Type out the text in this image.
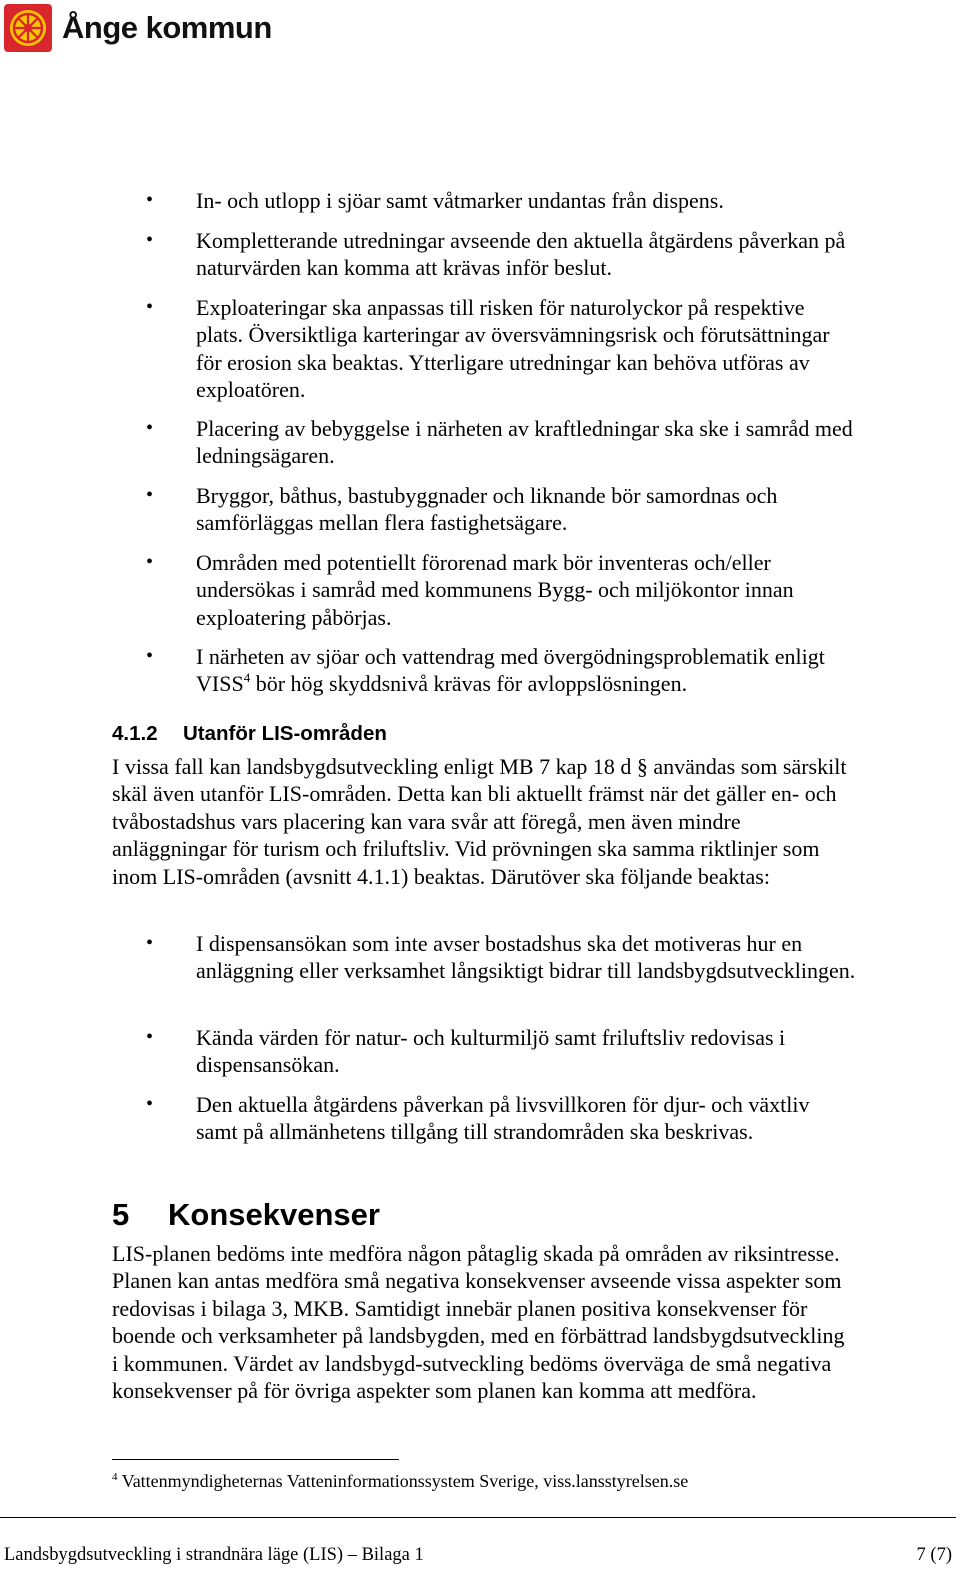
Ånge kommun
• In- och utlopp i sjöar samt våtmarker undantas från dispens.
• Kompletterande utredningar avseende den aktuella åtgärdens påverkan på naturvärden kan komma att krävas inför beslut.
• Exploateringar ska anpassas till risken för naturolyckor på respektive plats. Översiktliga karteringar av översvämningsrisk och förutsättningar för erosion ska beaktas. Ytterligare utredningar kan behöva utföras av exploatören.
• Placering av bebyggelse i närheten av kraftledningar ska ske i samråd med ledningsägaren.
• Bryggor, båthus, bastubyggnader och liknande bör samordnas och samförläggas mellan flera fastighetsägare.
• Områden med potentiellt förorenad mark bör inventeras och/eller undersökas i samråd med kommunens Bygg- och miljökontor innan exploatering påbörjas.
• I närheten av sjöar och vattendrag med övergödningsproblematik enligt VISS$^4$ bör hög skyddsnivå krävas för avloppslösningen.
4.1.2 Utanför LIS-områden
I vissa fall kan landsbygdsutveckling enligt MB 7 kap 18 d § användas som särskilt skäl även utanför LIS-områden. Detta kan bli aktuellt främst när det gäller en- och tvåbostadshus vars placering kan vara svår att föregå, men även mindre anläggningar för turism och friluftsliv. Vid prövningen ska samma riktlinjer som inom LIS-områden (avsnitt 4.1.1) beaktas. Därutöver ska följande beaktas:
• I dispensansökan som inte avser bostadshus ska det motiveras hur en anläggning eller verksamhet långsiktigt bidrar till landsbygdsutvecklingen.
• Kända värden för natur- och kulturmiljö samt friluftsliv redovisas i dispensansökan.
• Den aktuella åtgärdens påverkan på livsvillkoren för djur- och växtliv samt på allmänhetens tillgång till strandområden ska beskrivas.
5 Konsekvenser
LIS-planen bedöms inte medföra någon påtaglig skada på områden av riksintresse. Planen kan antas medföra små negativa konsekvenser avseende vissa aspekter som redovisas i bilaga 3, MKB. Samtidigt innebär planen positiva konsekvenser för boende och verksamheter på landsbygden, med en förbättrad landsbygdsutveckling i kommunen. Värdet av landsbygd-sutveckling bedöms överväga de små negativa konsekvenser på för övriga aspekter som planen kan komma att medföra.
$^4$ Vattenmyndigheternas Vatteninformationssystem Sverige, viss.lansstyrelsen.se
Landsbygdsutveckling i strandnära läge (LIS) – Bilaga 1	7 (7)
